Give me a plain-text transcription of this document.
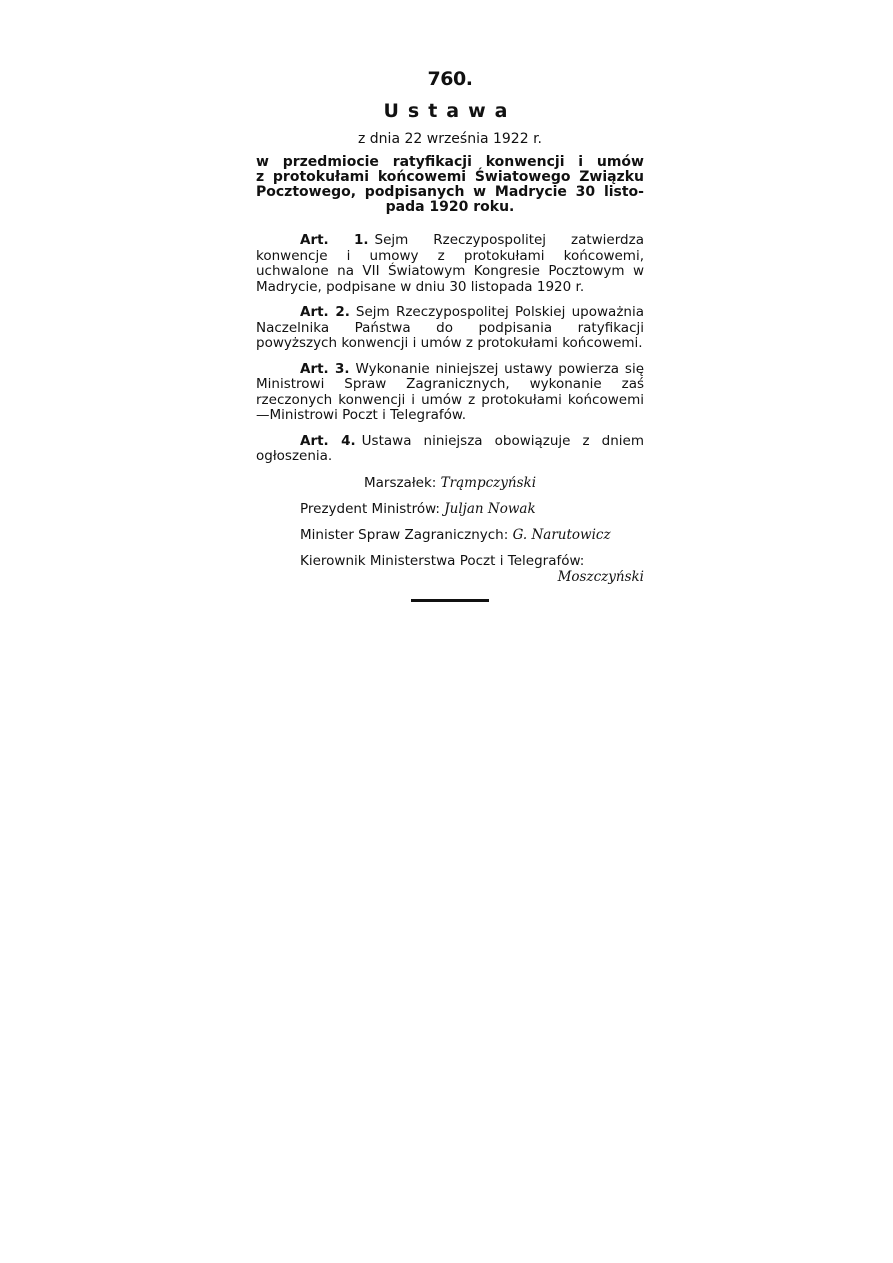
760.
Ustawa
z dnia 22 września 1922 r.

w przedmiocie ratyfikacji konwencji i umów

z protokułami końcowemi Światowego Związku

Pocztowego, podpisanych w Madrycie 30 listo-

pada 1920 roku.

Art. 1. Sejm Rzeczypospolitej zatwierdza konwencje i umowy z protokułami końcowemi, uchwalone na VII Światowym Kongresie Pocztowym w Madrycie, podpisane w dniu 30 listopada 1920 r.

Art. 2. Sejm Rzeczypospolitej Polskiej upoważnia Naczelnika Państwa do podpisania ratyfikacji powyższych konwencji i umów z protokułami końcowemi.

Art. 3. Wykonanie niniejszej ustawy powierza się Ministrowi Spraw Zagranicznych, wykonanie zaś rzeczonych konwencji i umów z protokułami końcowemi—Ministrowi Poczt i Telegrafów.

Art. 4. Ustawa niniejsza obowiązuje z dniem ogłoszenia.

Marszałek: Trąmpczyński

Prezydent Ministrów: Juljan Nowak

Minister Spraw Zagranicznych: G. Narutowicz

Kierownik Ministerstwa Poczt i Telegrafów:

Moszczyński
